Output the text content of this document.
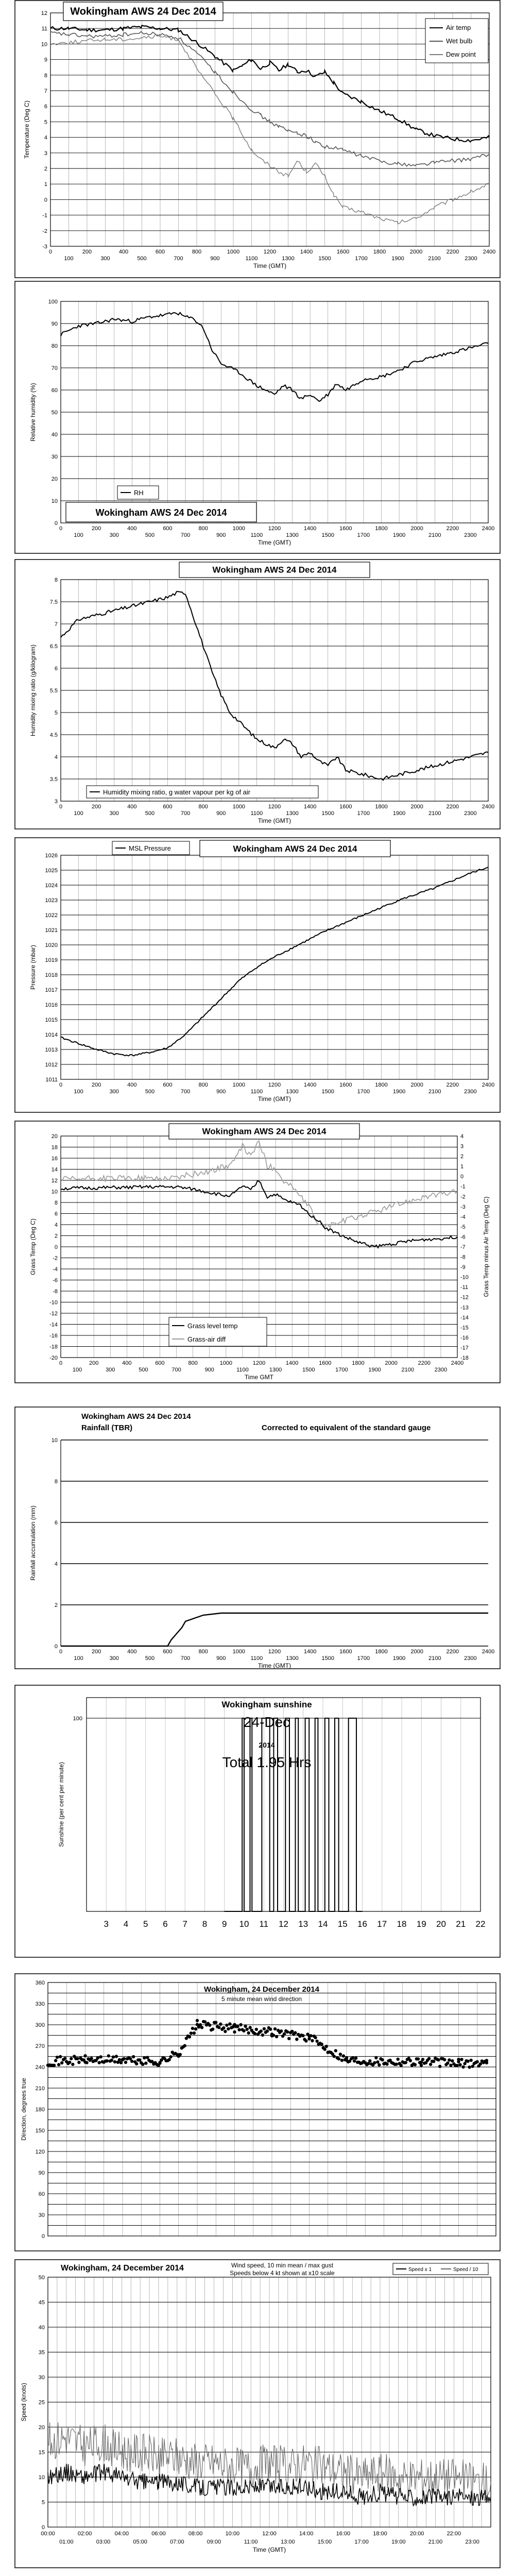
-3
-2
-1
0
1
2
3
4
5
6
7
8
9
10
11
12
0
100
200
300
400
500
600
700
800
900
1000
1100
1200
1300
1400
1500
1600
1700
1800
1900
2000
2100
2200
2300
2400
Time (GMT)
Temperature (Deg C)
Wokingham AWS 24 Dec 2014
Air temp
Wet bulb
Dew point
0
10
20
30
40
50
60
70
80
90
100
0
100
200
300
400
500
600
700
800
900
1000
1100
1200
1300
1400
1500
1600
1700
1800
1900
2000
2100
2200
2300
2400
Time (GMT)
Relative humidity (%)
RH
Wokingham AWS 24 Dec 2014
3
3.5
4
4.5
5
5.5
6
6.5
7
7.5
8
0
100
200
300
400
500
600
700
800
900
1000
1100
1200
1300
1400
1500
1600
1700
1800
1900
2000
2100
2200
2300
2400
Time (GMT)
Humidity mixing ratio (g/kilogram)
Wokingham AWS 24 Dec 2014
Humidity mixing ratio, g water vapour per kg of air
1011
1012
1013
1014
1015
1016
1017
1018
1019
1020
1021
1022
1023
1024
1025
1026
0
100
200
300
400
500
600
700
800
900
1000
1100
1200
1300
1400
1500
1600
1700
1800
1900
2000
2100
2200
2300
2400
Time (GMT)
Pressure (mbar)
MSL Pressure	Wokingham AWS 24 Dec 2014
-20
-18
-16
-14
-12
-10
-8
-6
-4
-2
0
2
4
6
8
10
12
14
16
18
20
-18
-17
-16
-15
-14
-13
-12
-11
-10
-9
-8
-7
-6
-5
-4
-3
-2
-1
0
1
2
3
4
0
100
200
300
400
500
600
700
800
900
1000
1100
1200
1300
1400
1500
1600
1700
1800
1900
2000
2100
2200
2300
2400
Time GMT
Grass Temp (Deg C)	Grass Temp minus Air Temp (Deg C)
Wokingham AWS 24 Dec 2014
Grass level temp
Grass-air diff
0
2
4
6
8
10
0
100
200
300
400
500
600
700
800
900
1000
1100
1200
1300
1400
1500
1600
1700
1800
1900
2000
2100
2200
2300
2400
Time (GMT)
Rainfall accumulation (mm)
Wokingham AWS 24 Dec 2014
Rainfall (TBR)	Corrected to equivalent of the standard gauge
100
3 4 5 6 7 8 9 10 11 12 13 14 15 16 17 18 19 20 21 22
Sunshine (per cent per minute)
Wokingham sunshine
24-Dec
2014
Total 1.95 Hrs
0
30
60
90
120
150
180
210
240
270
300
330
360
Direction, degrees true
Wokingham, 24 December 2014
5 minute mean wind direction
0
5
10
15
20
25
30
35
40
45
50
Speed (knots)
00:00	02:00	04:00	06:00	08:00	10:00	12:00	14:00	16:00	18:00	20:00	22:00
01:00	03:00	05:00	07:00	09:00	11:00	13:00	15:00	17:00	19:00	21:00	23:00
Time (GMT)
Wokingham, 24 December 2014	Wind speed, 10 min mean / max gust
Speeds below 4 kt shown at x10 scale	Speed x 1	Speed / 10
